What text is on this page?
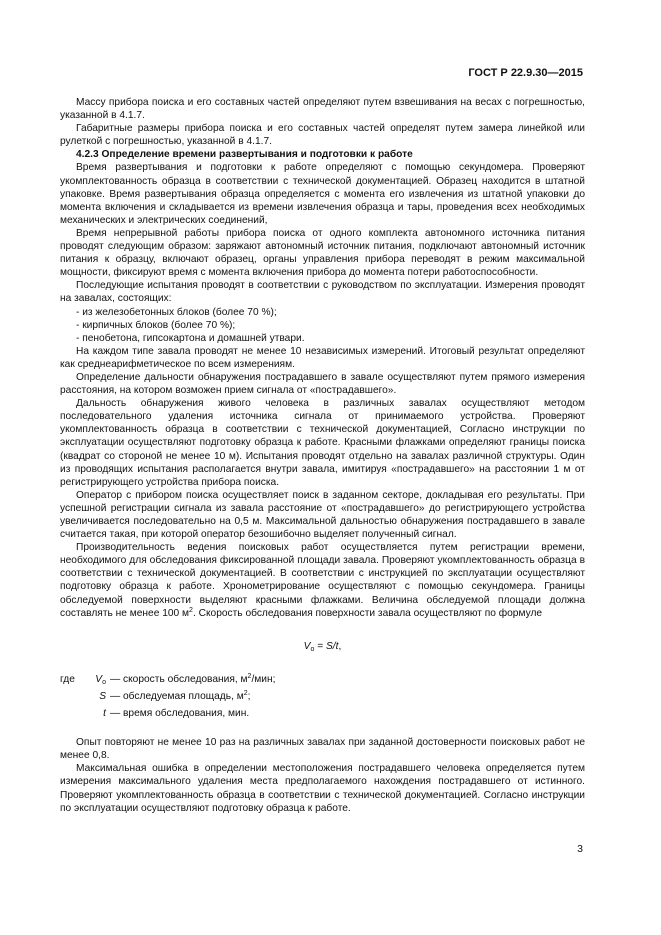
ГОСТ Р 22.9.30—2015

Массу прибора поиска и его составных частей определяют путем взвешивания на весах с погрешностью, указанной в 4.1.7.

Габаритные размеры прибора поиска и его составных частей определят путем замера линейкой или рулеткой с погрешностью, указанной в 4.1.7.

4.2.3 Определение времени развертывания и подготовки к работе

Время развертывания и подготовки к работе определяют с помощью секундомера. Проверяют укомплектованность образца в соответствии с технической документацией. Образец находится в штатной упаковке. Время развертывания образца определяется с момента его извлечения из штатной упаковки до момента включения и складывается из времени извлечения образца и тары, проведения всех необходимых механических и электрических соединений,

Время непрерывной работы прибора поиска от одного комплекта автономного источника питания проводят следующим образом: заряжают автономный источник питания, подключают автономный источник питания к образцу, включают образец, органы управления прибора переводят в режим максимальной мощности, фиксируют время с момента включения прибора до момента потери работоспособности.

Последующие испытания проводят в соответствии с руководством по эксплуатации. Измерения проводят на завалах, состоящих:

- из железобетонных блоков (более 70 %);

- кирпичных блоков (более 70 %);

- пенобетона, гипсокартона и домашней утвари.

На каждом типе завала проводят не менее 10 независимых измерений. Итоговый результат определяют как среднеарифметическое по всем измерениям.

Определение дальности обнаружения пострадавшего в завале осуществляют путем прямого измерения расстояния, на котором возможен прием сигнала от «пострадавшего».

Дальность обнаружения живого человека в различных завалах осуществляют методом последовательного удаления источника сигнала от принимаемого устройства. Проверяют укомплектованность образца в соответствии с технической документацией, Согласно инструкции по эксплуатации осуществляют подготовку образца к работе. Красными флажками определяют границы поиска (квадрат со стороной не менее 10 м). Испытания проводят отдельно на завалах различной структуры. Один из проводящих испытания располагается внутри завала, имитируя «пострадавшего» на расстоянии 1 м от регистрирующего устройства прибора поиска.

Оператор с прибором поиска осуществляет поиск в заданном секторе, докладывая его результаты. При успешной регистрации сигнала из завала расстояние от «пострадавшего» до регистрирующего устройства увеличивается последовательно на 0,5 м. Максимальной дальностью обнаружения пострадавшего в завале считается такая, при которой оператор безошибочно выделяет полученный сигнал.

Производительность ведения поисковых работ осуществляется путем регистрации времени, необходимого для обследования фиксированной площади завала. Проверяют укомплектованность образца в соответствии с технической документацией. В соответствии с инструкцией по эксплуатации осуществляют подготовку образца к работе. Хронометрирование осуществляют с помощью секундомера. Границы обследуемой поверхности выделяют красными флажками. Величина обследуемой площади должна составлять не менее 100 $м^2$. Скорость обследования поверхности завала осуществляют по формуле

$V_о = S/t$,
где	$V_о$ — скорость обследования, $м^2$/мин;
S — обследуемая площадь, $м^2$;
t — время обследования, мин.

Опыт повторяют не менее 10 раз на различных завалах при заданной достоверности поисковых работ не менее 0,8.

Максимальная ошибка в определении местоположения пострадавшего человека определяется путем измерения максимального удаления места предполагаемого нахождения пострадавшего от истинного. Проверяют укомплектованность образца в соответствии с технической документацией. Согласно инструкции по эксплуатации осуществляют подготовку образца к работе.

3
